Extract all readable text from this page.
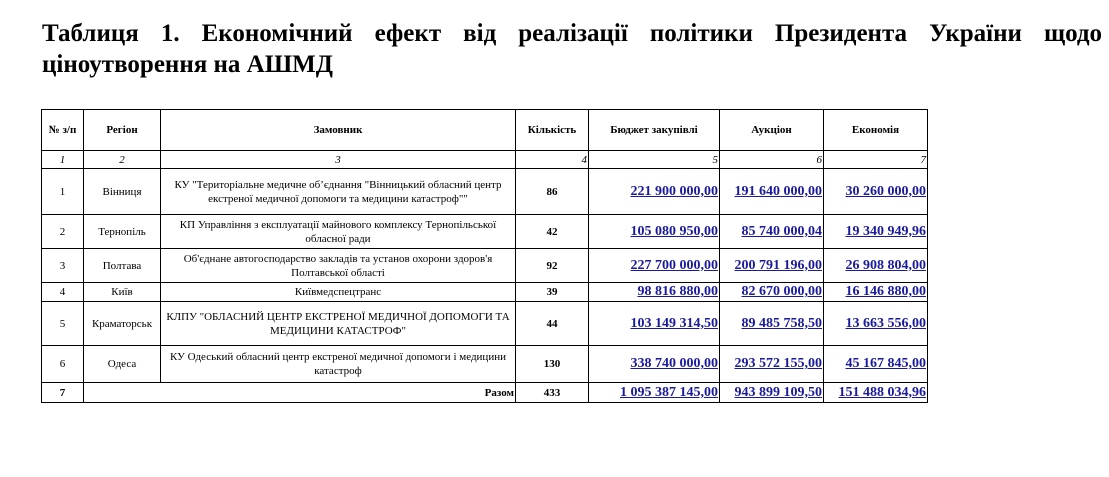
Таблиця 1. Економічний ефект від реалізації політики Президента України щодо ціноутворення на АШМД
№ з/п	Регіон	Замовник	Кількість	Бюджет закупівлі	Аукціон	Економія
1	2	3	4	5	6	7
1	Вінниця	КУ "Територіальне медичне об’єднання "Вінницький обласний центр екстреної медичної допомоги та медицини катастроф""	86	221 900 000,00	191 640 000,00	30 260 000,00
2	Тернопіль	КП Управління з експлуатації майнового комплексу Тернопільської обласної ради	42	105 080 950,00	85 740 000,04	19 340 949,96
3	Полтава	Об'єднане автогосподарство закладів та установ охорони здоров'я Полтавської області	92	227 700 000,00	200 791 196,00	26 908 804,00
4	Київ	Київмедспецтранс	39	98 816 880,00	82 670 000,00	16 146 880,00
5	Краматорськ	КЛПУ "ОБЛАСНИЙ ЦЕНТР ЕКСТРЕНОЇ МЕДИЧНОЇ ДОПОМОГИ ТА МЕДИЦИНИ КАТАСТРОФ"	44	103 149 314,50	89 485 758,50	13 663 556,00
6	Одеса	КУ Одеський обласний центр екстреної медичної допомоги і медицини катастроф	130	338 740 000,00	293 572 155,00	45 167 845,00
7	Разом		433	1 095 387 145,00	943 899 109,50	151 488 034,96
